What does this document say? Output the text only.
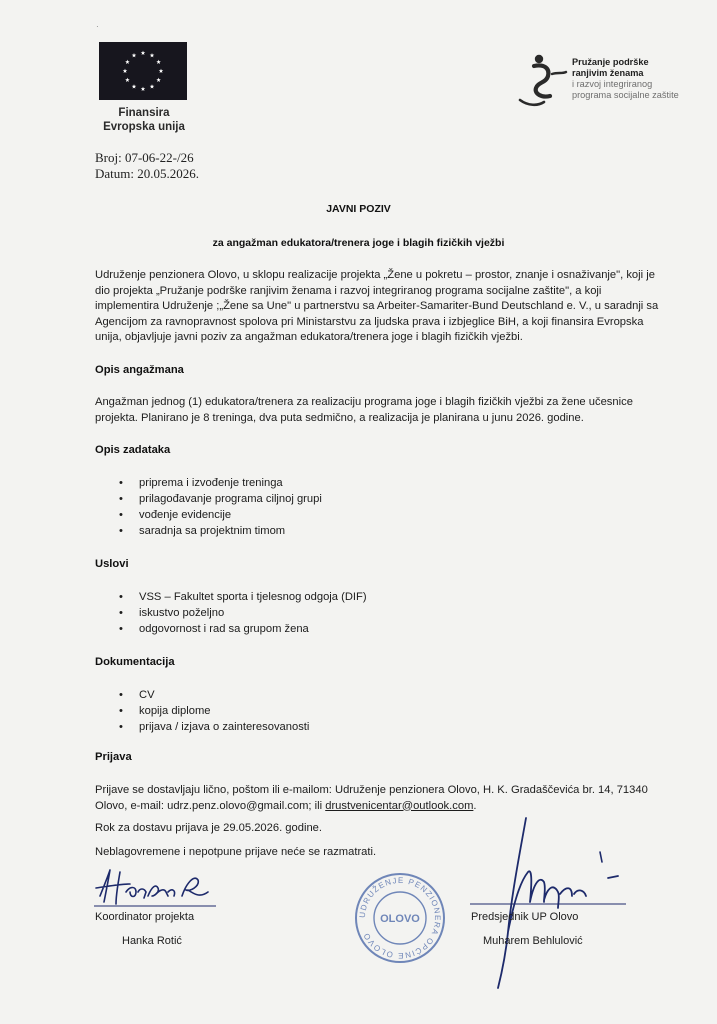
·
Finansira
Evropska unija
Pružanje podrške
ranjivim ženama
i razvoj integriranog
programa socijalne zaštite
Broj: 07-06-22-/26
Datum: 20.05.2026.
JAVNI POZIV
za angažman edukatora/trenera joge i blagih fizičkih vježbi
Udruženje penzionera Olovo, u sklopu realizacije projekta „Žene u pokretu – prostor, znanje i osnaživanje", koji je dio projekta „Pružanje podrške ranjivim ženama i razvoj integriranog programa socijalne zaštite", a koji implementira Udruženje ;„Žene sa Une" u partnerstvu sa Arbeiter-Samariter-Bund Deutschland e. V., u saradnji sa Agencijom za ravnopravnost spolova pri Ministarstvu za ljudska prava i izbjeglice BiH, a koji finansira Evropska unija, objavljuje javni poziv za angažman edukatora/trenera joge i blagih fizičkih vježbi.
Opis angažmana
Angažman jednog (1) edukatora/trenera za realizaciju programa joge i blagih fizičkih vježbi za žene učesnice projekta. Planirano je 8 treninga, dva puta sedmično, a realizacija je planirana u junu 2026. godine.
Opis zadataka
• priprema i izvođenje treninga
• prilagođavanje programa ciljnoj grupi
• vođenje evidencije
• saradnja sa projektnim timom
Uslovi
• VSS – Fakultet sporta i tjelesnog odgoja (DIF)
• iskustvo poželjno
• odgovornost i rad sa grupom žena
Dokumentacija
• CV
• kopija diplome
• prijava / izjava o zainteresovanosti
Prijava
Prijave se dostavljaju lično, poštom ili e-mailom: Udruženje penzionera Olovo, H. K. Gradaščevića br. 14, 71340
Olovo, e-mail: udrz.penz.olovo@gmail.com; ili drustvenicentar@outlook.com.
Rok za dostavu prijava je 29.05.2026. godine.
Neblagovremene i nepotpune prijave neće se razmatrati.
Koordinator projekta
Hanka Rotić
UDRUŽENJE PENZIONERA OPĆINE OLOVO
OLOVO	Predsjednik UP Olovo
Muharem Behlulović
